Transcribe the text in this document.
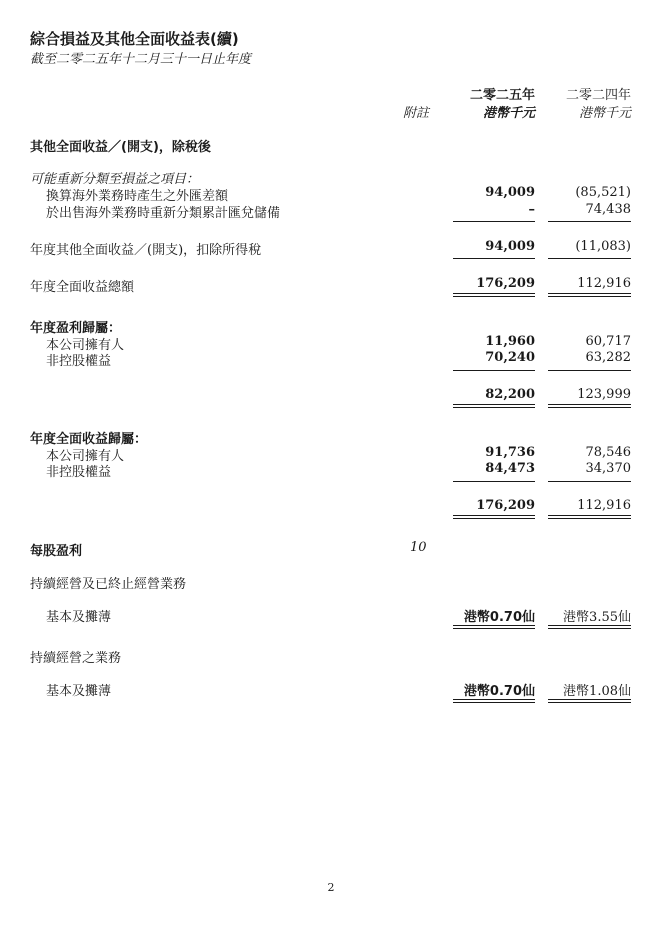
綜合損益及其他全面收益表(續)
截至二零二五年十二月三十一日止年度
二零二五年 二零二四年
附註	港幣千元	港幣千元
其他全面收益／(開支)，除稅後
可能重新分類至損益之項目：
換算海外業務時產生之外匯差額	94,009	(85,521)
於出售海外業務時重新分類累計匯兌儲備	–	74,438
年度其他全面收益／(開支)，扣除所得稅	94,009	(11,083)
年度全面收益總額	176,209	112,916
年度盈利歸屬：
本公司擁有人	11,960	60,717
非控股權益	70,240	63,282
82,200	123,999
年度全面收益歸屬：
本公司擁有人	91,736	78,546
非控股權益	84,473	34,370
176,209	112,916
每股盈利	10
持續經營及已終止經營業務
基本及攤薄	港幣0.70仙 港幣3.55仙
持續經營之業務
基本及攤薄	港幣0.70仙 港幣1.08仙
2
